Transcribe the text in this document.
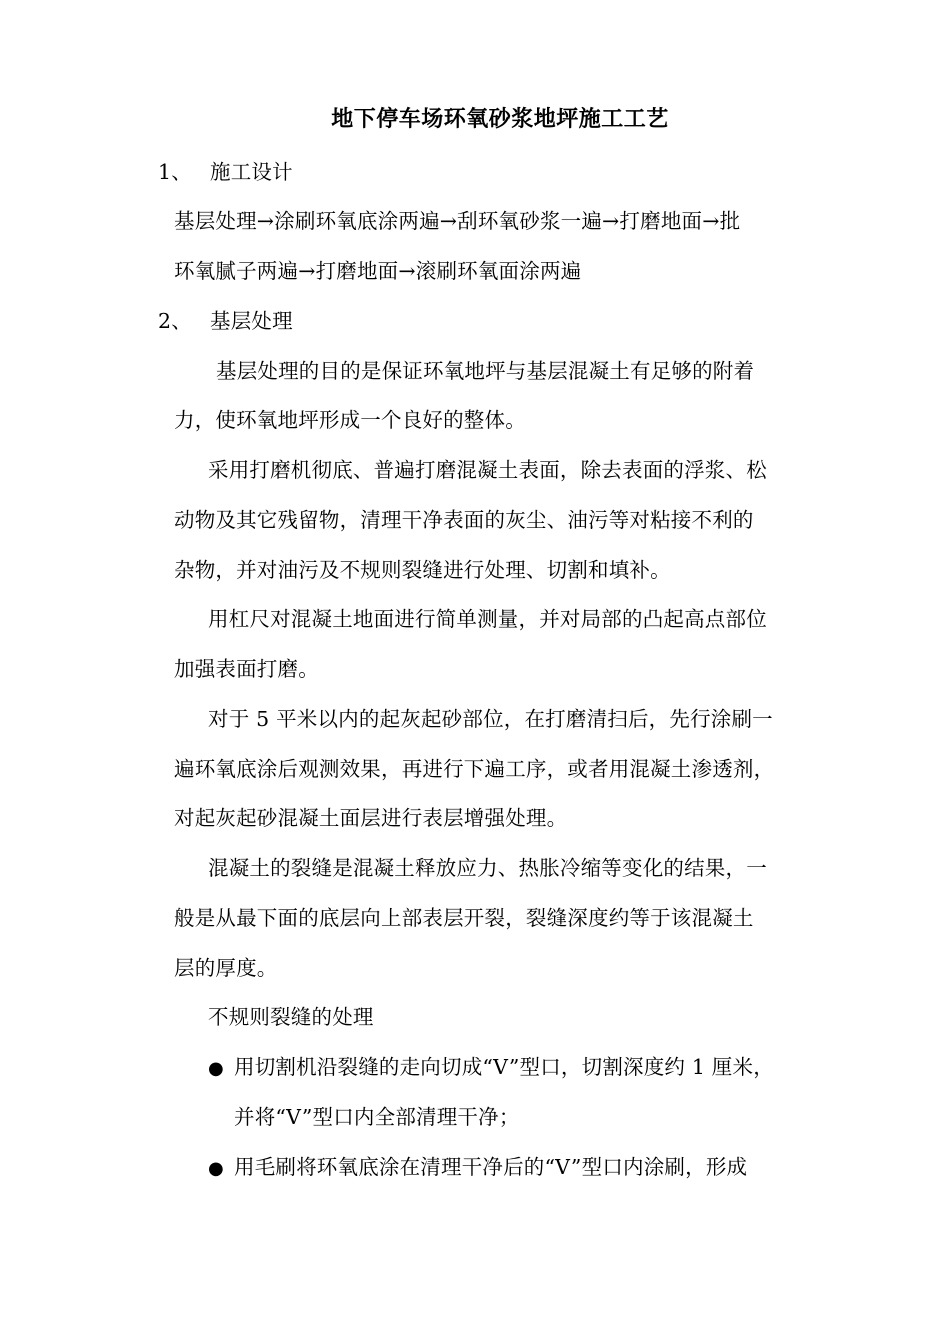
地下停车场环氧砂浆地坪施工工艺
1、 施工设计
基层处理→涂刷环氧底涂两遍→刮环氧砂浆一遍→打磨地面→批
环氧腻子两遍→打磨地面→滚刷环氧面涂两遍
2、 基层处理
基层处理的目的是保证环氧地坪与基层混凝土有足够的附着
力，使环氧地坪形成一个良好的整体。
采用打磨机彻底、普遍打磨混凝土表面，除去表面的浮浆、松
动物及其它残留物，清理干净表面的灰尘、油污等对粘接不利的
杂物，并对油污及不规则裂缝进行处理、切割和填补。
用杠尺对混凝土地面进行简单测量，并对局部的凸起高点部位
加强表面打磨。
对于 5 平米以内的起灰起砂部位，在打磨清扫后，先行涂刷一
遍环氧底涂后观测效果，再进行下遍工序，或者用混凝土渗透剂，
对起灰起砂混凝土面层进行表层增强处理。
混凝土的裂缝是混凝土释放应力、热胀冷缩等变化的结果，一
般是从最下面的底层向上部表层开裂，裂缝深度约等于该混凝土
层的厚度。
不规则裂缝的处理
● 用切割机沿裂缝的走向切成“V”型口，切割深度约 1 厘米，
并将“V”型口内全部清理干净；
● 用毛刷将环氧底涂在清理干净后的“V”型口内涂刷，形成
